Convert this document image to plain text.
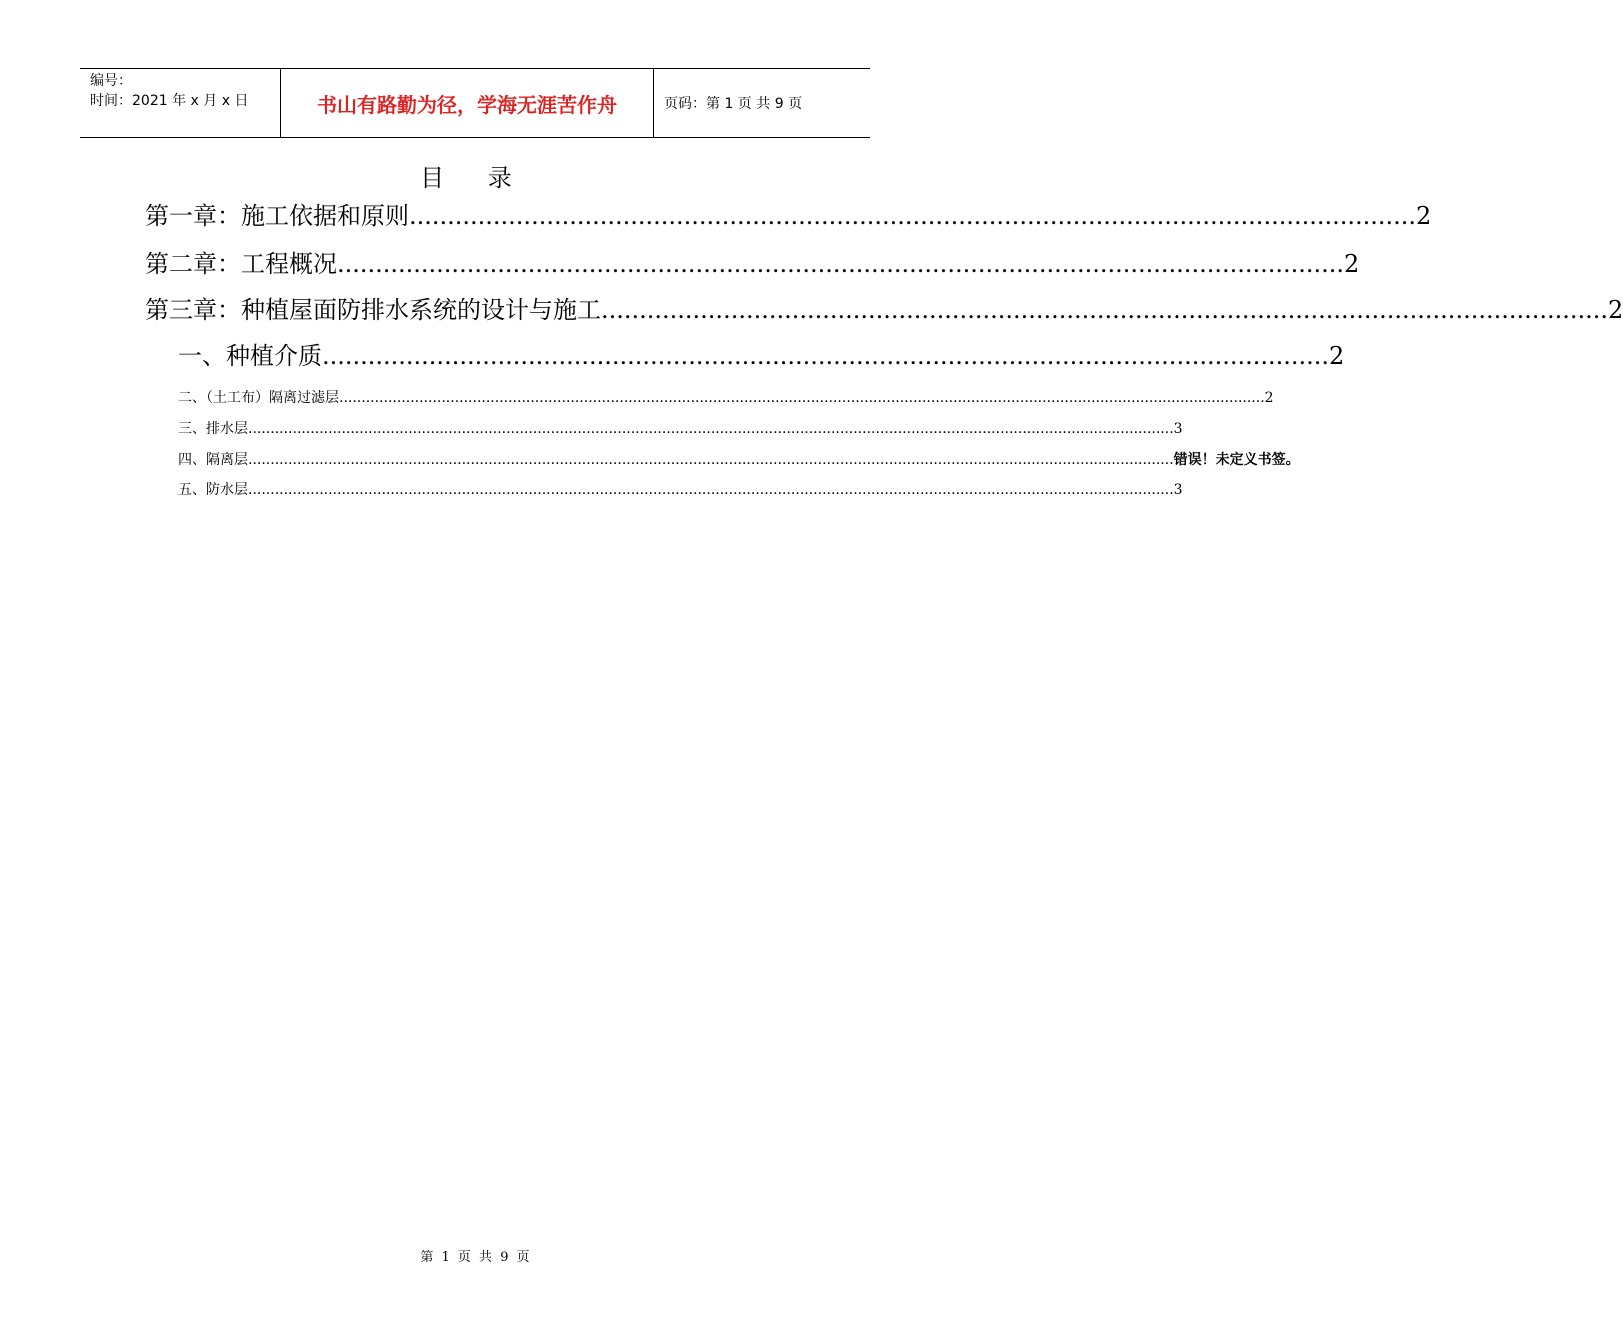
编号：
时间：2021 年 x 月 x 日	书山有路勤为径，学海无涯苦作舟	页码：第 1 页 共 9 页
目 录
第一章：施工依据和原则 .................................................................................................................................... 2
第二章：工程概况 .................................................................................................................................... 2
第三章：种植屋面防排水系统的设计与施工 .................................................................................................................................... 2
一、种植介质 .................................................................................................................................... 2
二、（土工布）隔离过滤层 ................................................................................................................................................................................................................ 2
三、排水层 ................................................................................................................................................................................................................ 3
四、隔离层 ................................................................................................................................................................................................................ 错误！未定义书签。
五、防水层 ................................................................................................................................................................................................................ 3
第 1 页 共 9 页
